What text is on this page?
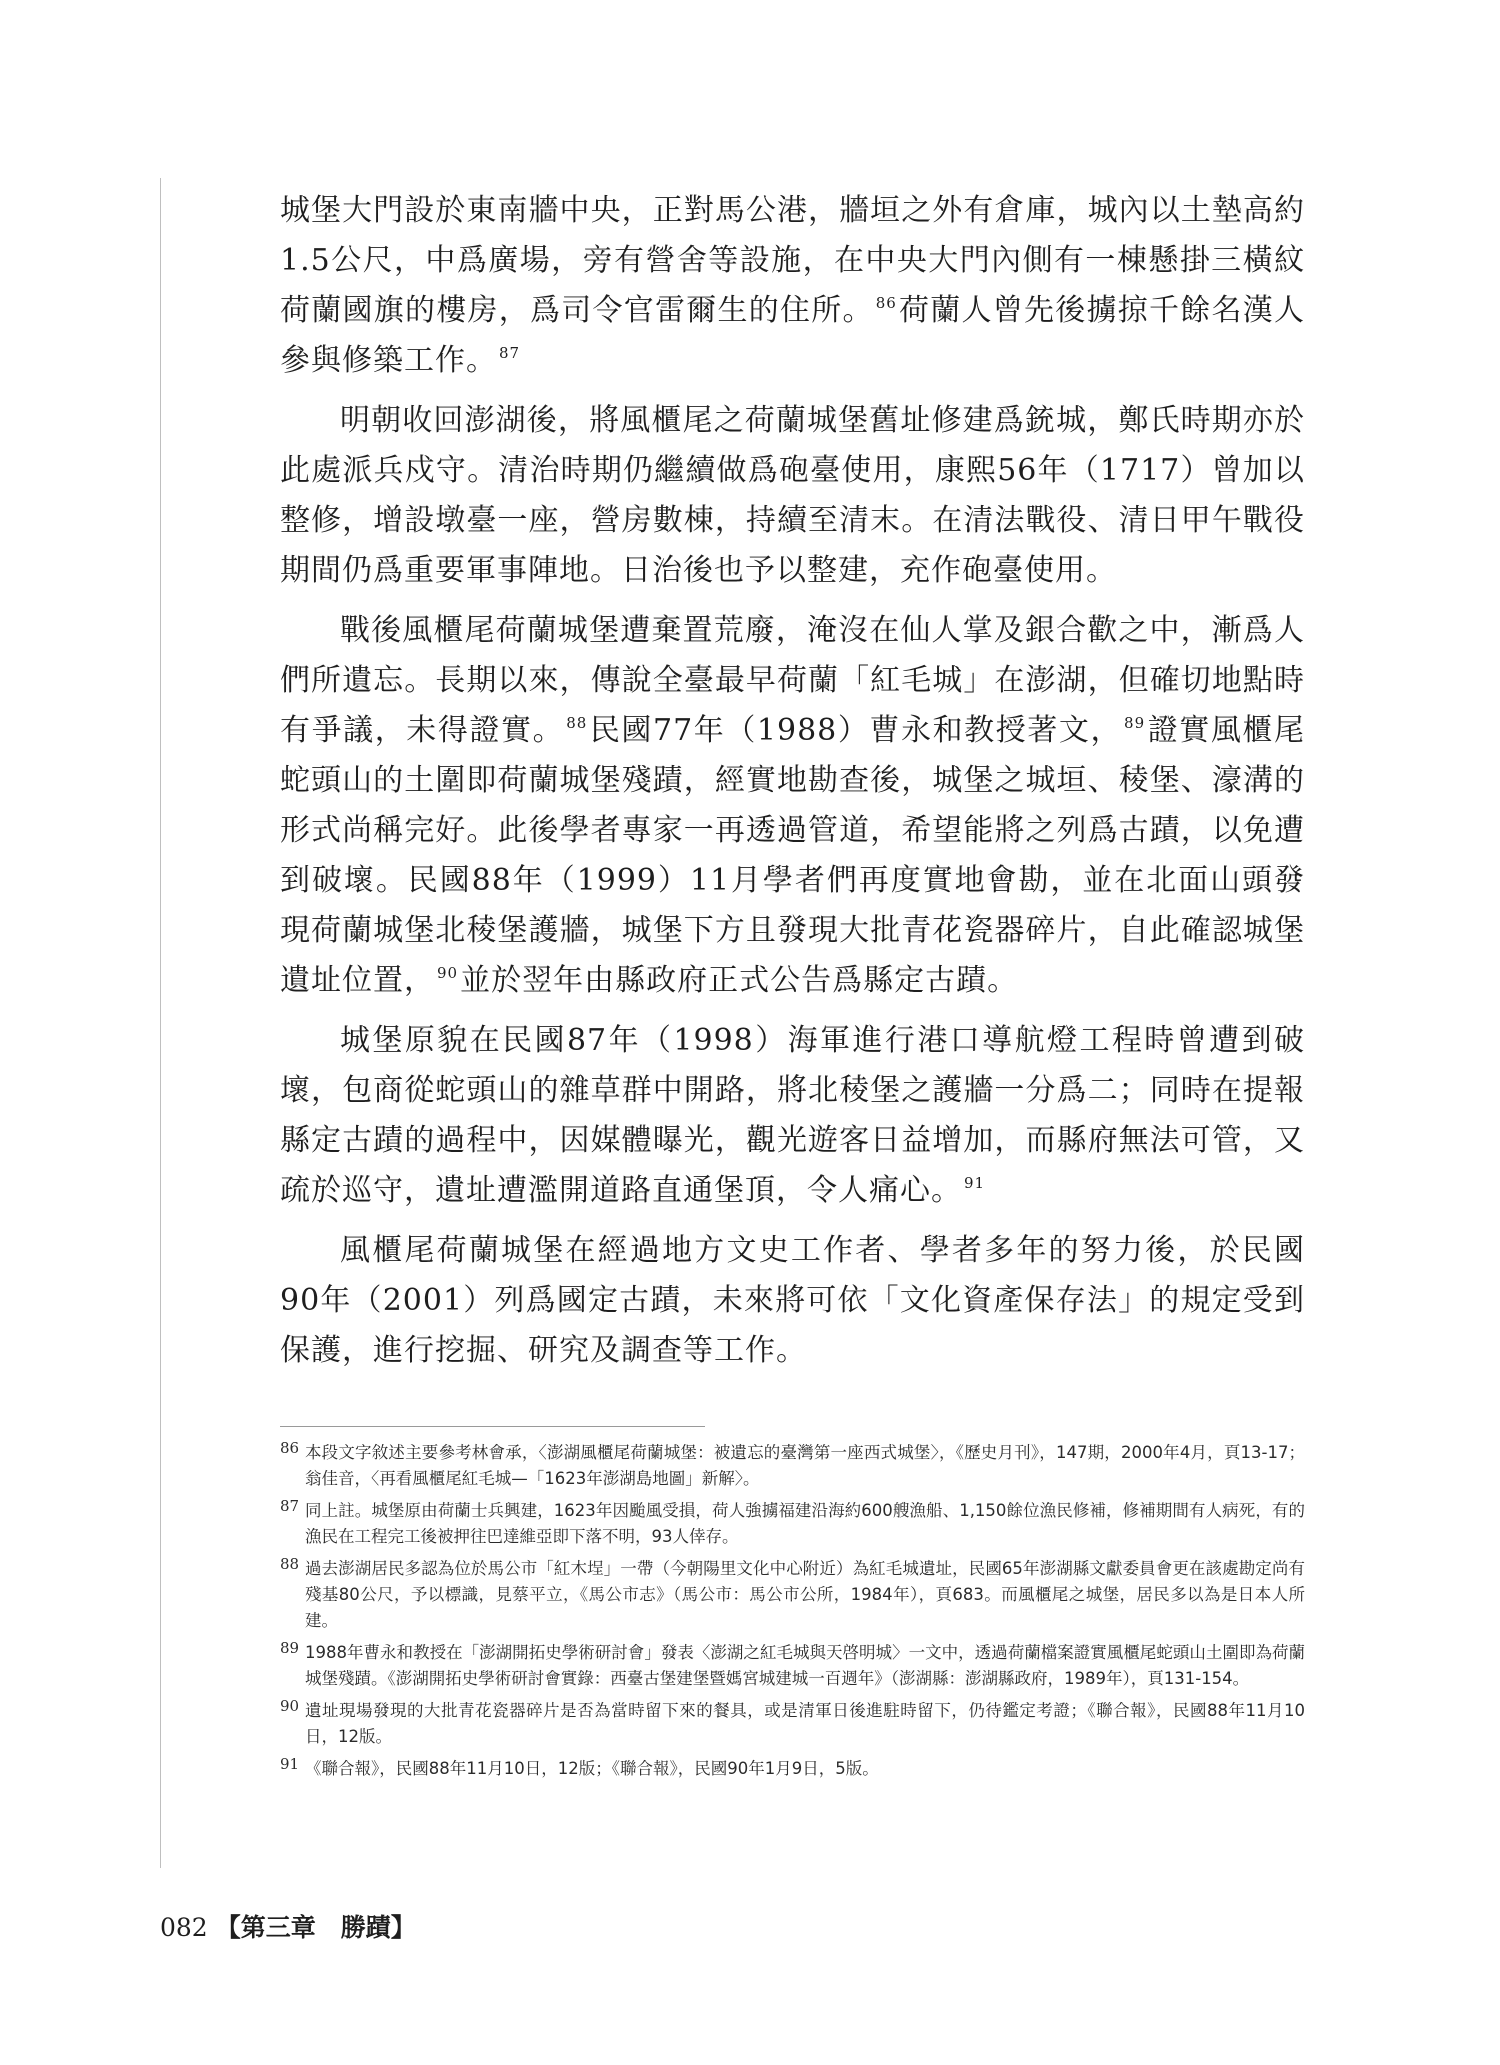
城堡大門設於東南牆中央，正對馬公港，牆垣之外有倉庫，城內以土墊高約1.5公尺，中爲廣場，旁有營舍等設施，在中央大門內側有一棟懸掛三橫紋荷蘭國旗的樓房，爲司令官雷爾生的住所。 $^{86}$荷蘭人曾先後擄掠千餘名漢人參與修築工作。 $^{87}$

明朝收回澎湖後，將風櫃尾之荷蘭城堡舊址修建爲銃城，鄭氏時期亦於此處派兵戍守。清治時期仍繼續做爲砲臺使用，康熙56年（1717）曾加以整修，增設墩臺一座，營房數棟，持續至清末。在清法戰役、清日甲午戰役期間仍爲重要軍事陣地。日治後也予以整建，充作砲臺使用。

戰後風櫃尾荷蘭城堡遭棄置荒廢，淹沒在仙人掌及銀合歡之中，漸爲人們所遺忘。長期以來，傳說全臺最早荷蘭「紅毛城」在澎湖，但確切地點時有爭議，未得證實。 $^{88}$民國77年（1988）曹永和教授著文， $^{89}$證實風櫃尾蛇頭山的土圍即荷蘭城堡殘蹟，經實地勘查後，城堡之城垣、稜堡、濠溝的形式尚稱完好。此後學者專家一再透過管道，希望能將之列爲古蹟，以免遭到破壞。民國88年（1999）11月學者們再度實地會勘，並在北面山頭發現荷蘭城堡北稜堡護牆，城堡下方且發現大批青花瓷器碎片，自此確認城堡遺址位置， $^{90}$並於翌年由縣政府正式公告爲縣定古蹟。

城堡原貌在民國87年（1998）海軍進行港口導航燈工程時曾遭到破壞，包商從蛇頭山的雜草群中開路，將北稜堡之護牆一分爲二；同時在提報縣定古蹟的過程中，因媒體曝光，觀光遊客日益增加，而縣府無法可管，又疏於巡守，遺址遭濫開道路直通堡頂，令人痛心。 $^{91}$

風櫃尾荷蘭城堡在經過地方文史工作者、學者多年的努力後，於民國90年（2001）列爲國定古蹟，未來將可依「文化資產保存法」的規定受到保護，進行挖掘、研究及調查等工作。

86 本段文字敘述主要參考林會承，〈澎湖風櫃尾荷蘭城堡：被遺忘的臺灣第一座西式城堡〉，《歷史月刊》，147期，2000年4月，頁13-17；翁佳音，〈再看風櫃尾紅毛城—「1623年澎湖島地圖」新解〉。
87 同上註。城堡原由荷蘭士兵興建，1623年因颱風受損，荷人強擄福建沿海約600艘漁船、1,150餘位漁民修補，修補期間有人病死，有的漁民在工程完工後被押往巴達維亞即下落不明，93人倖存。
88 過去澎湖居民多認為位於馬公市「紅木埕」一帶（今朝陽里文化中心附近）為紅毛城遺址，民國65年澎湖縣文獻委員會更在該處勘定尚有殘基80公尺，予以標識，見蔡平立，《馬公市志》（馬公市：馬公市公所，1984年），頁683。而風櫃尾之城堡，居民多以為是日本人所建。
89 1988年曹永和教授在「澎湖開拓史學術研討會」發表〈澎湖之紅毛城與天啓明城〉一文中，透過荷蘭檔案證實風櫃尾蛇頭山土圍即為荷蘭城堡殘蹟。《澎湖開拓史學術研討會實錄：西臺古堡建堡暨媽宮城建城一百週年》（澎湖縣：澎湖縣政府，1989年），頁131-154。
90 遺址現場發現的大批青花瓷器碎片是否為當時留下來的餐具，或是清軍日後進駐時留下，仍待鑑定考證；《聯合報》，民國88年11月10日，12版。
91 《聯合報》，民國88年11月10日，12版；《聯合報》，民國90年1月9日，5版。
082 【第三章　勝蹟】
